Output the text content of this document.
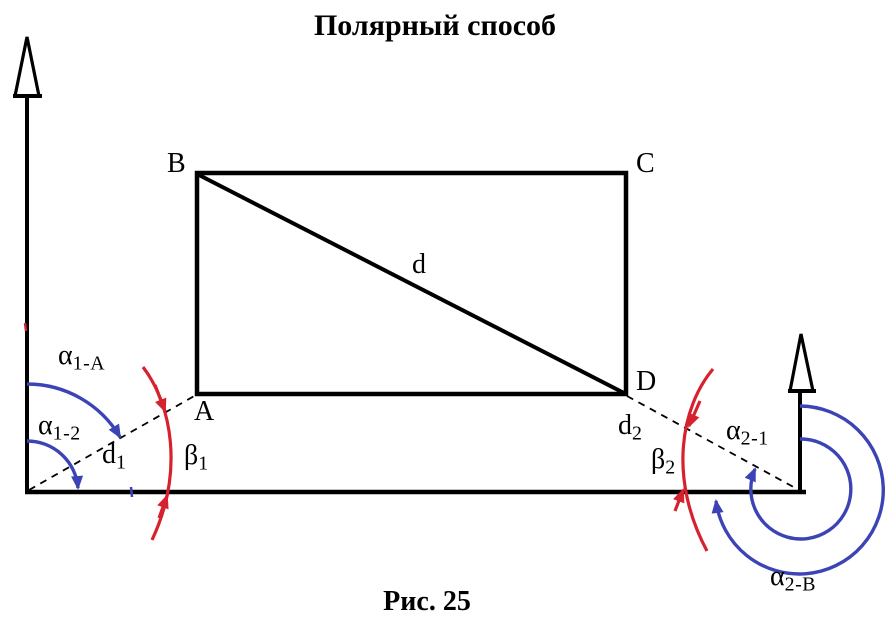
Полярный способ
Рис. 25
B	C
A
D
d
$d_1$
$d_2$
$\beta_1$	$\beta_2$
$\alpha_{1-A}$
$\alpha_{1-2}$	$\alpha_{2-1}$
$\alpha_{2-B}$
